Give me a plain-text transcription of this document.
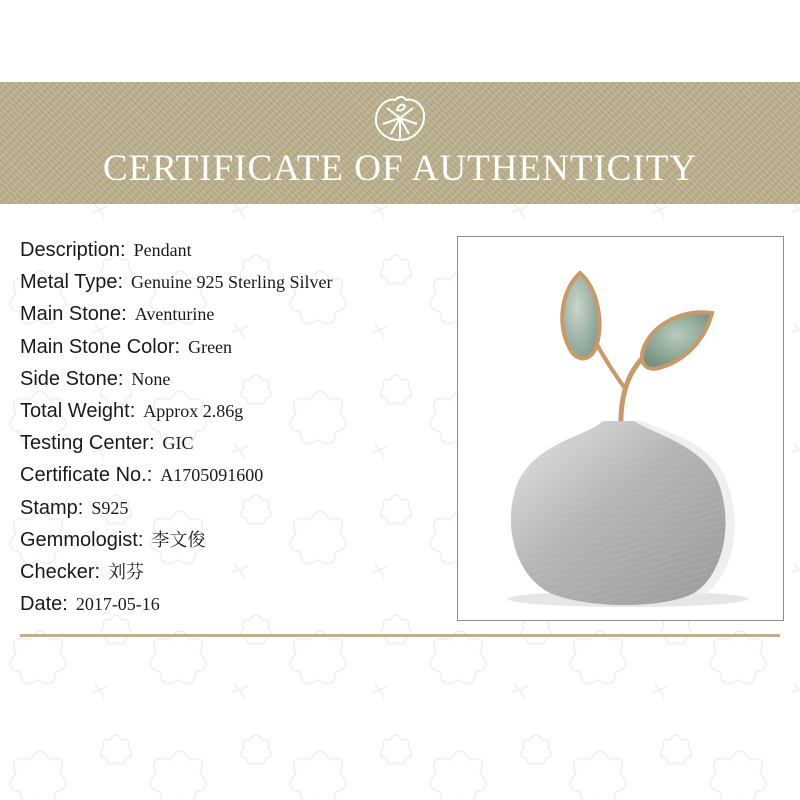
CERTIFICATE OF AUTHENTICITY
Description: Pendant
Metal Type: Genuine 925 Sterling Silver
Main Stone: Aventurine
Main Stone Color: Green
Side Stone: None
Total Weight: Approx 2.86g
Testing Center: GIC
Certificate No.: A1705091600
Stamp: S925
Gemmologist: 李文俊
Checker: 刘芬
Date: 2017-05-16
